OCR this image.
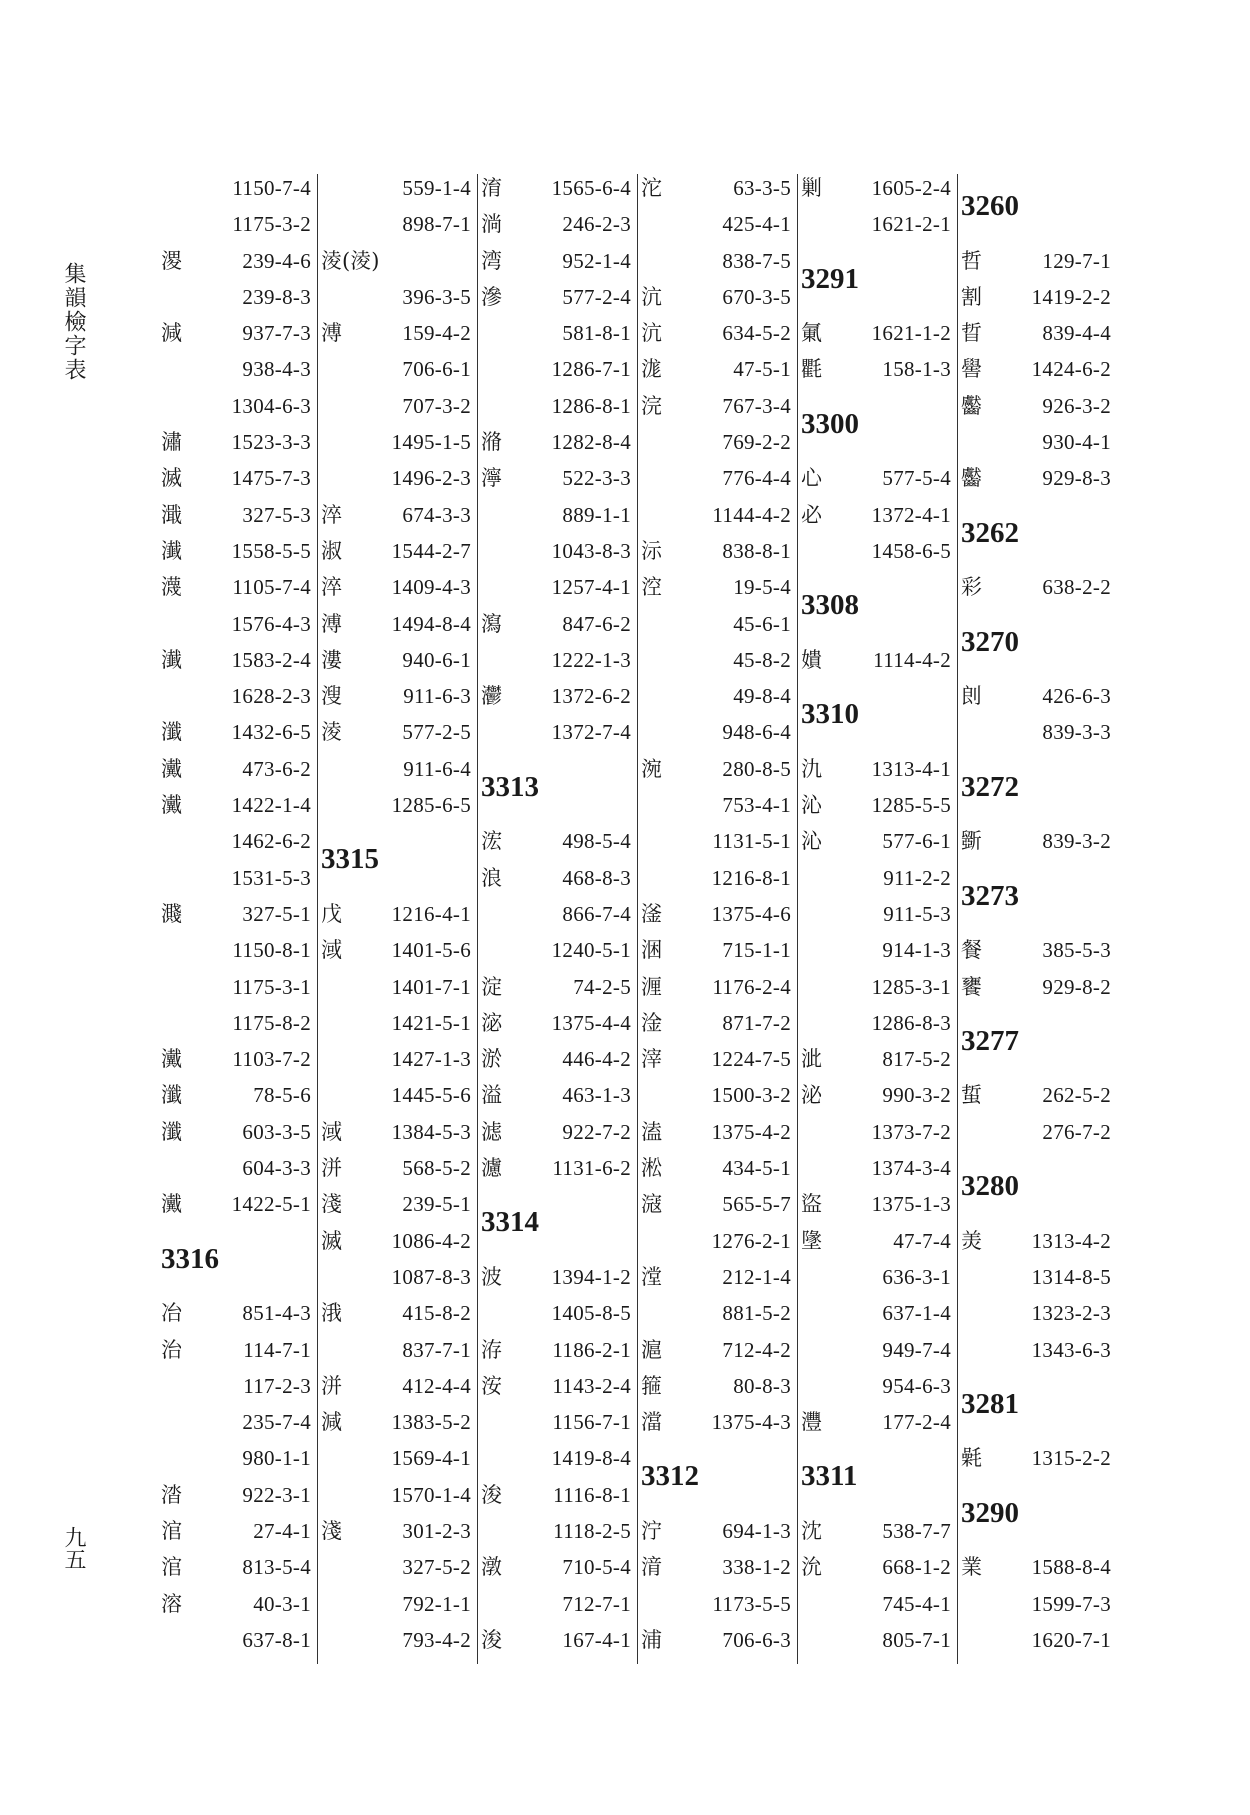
集韻檢字表
九五
1150-7-4
1175-3-2
溭	239-4-6
239-8-3
減	937-7-3
938-4-3
1304-6-3
潚 1523-3-3
滅 1475-7-3
濈	327-5-3
瀐 1558-5-5
瀎 1105-7-4
1576-4-3
瀐 1583-2-4
1628-2-3
瀸 1432-6-5
瀻	473-6-2
瀻 1422-1-4
1462-6-2
1531-5-3
濺	327-5-1
1150-8-1
1175-3-1
1175-8-2
瀻 1103-7-2
瀸	78-5-6
瀸	603-3-5
604-3-3
瀻 1422-5-1
3316
冶	851-4-3
治	114-7-1
117-2-3
235-7-4
980-1-1
涾	922-3-1
涫	27-4-1
涫	813-5-4
溶	40-3-1
637-8-1
559-1-4
898-7-1
淩(淩)
396-3-5
溥	159-4-2
706-6-1
707-3-2
1495-1-5
1496-2-3
淬	674-3-3
淑 1544-2-7
淬 1409-4-3
溥 1494-8-4
漊	940-6-1
溲	911-6-3
淩	577-2-5
911-6-4
1285-6-5
3315
戊 1216-4-1
淢 1401-5-6
1401-7-1
1421-5-1
1427-1-3
1445-5-6
淢 1384-5-3
洴	568-5-2
淺	239-5-1
滅 1086-4-2
1087-8-3
涐	415-8-2
837-7-1
洴	412-4-4
減 1383-5-2
1569-4-1
1570-1-4
淺	301-2-3
327-5-2
792-1-1
793-4-2
淯 1565-6-4
淌	246-2-3
湾	952-1-4
滲	577-2-4
581-8-1
1286-7-1
1286-8-1
潃 1282-8-4
濘	522-3-3
889-1-1
1043-8-3
1257-4-1
瀉	847-6-2
1222-1-3
灪 1372-6-2
1372-7-4
3313
浤	498-5-4
浪	468-8-3
866-7-4
1240-5-1
淀	74-2-5
淧 1375-4-4
淤	446-4-2
溢	463-1-3
滤	922-7-2
濾 1131-6-2
3314
波 1394-1-2
1405-8-5
洊 1186-2-1
洝 1143-2-4
1156-7-1
1419-8-4
浚 1116-8-1
1118-2-5
潡	710-5-4
712-7-1
浚	167-4-1
沱	63-3-5
425-4-1
838-7-5
沆	670-3-5
沆	634-5-2
浝	47-5-1
浣	767-3-4
769-2-2
776-4-4
1144-4-2
沶	838-8-1
涳	19-5-4
45-6-1
45-8-2
49-8-4
948-6-4
涴	280-8-5
753-4-1
1131-5-1
1216-8-1
滏 1375-4-6
涃	715-1-1
湹 1176-2-4
淦	871-7-2
滓 1224-7-5
1500-3-2
溘 1375-4-2
淞	434-5-1
滱	565-5-7
1276-2-1
漟	212-1-4
881-5-2
滬	712-4-2
箍	80-8-3
澢 1375-4-3
3312
泞	694-1-3
湇	338-1-2
1173-5-5
浦	706-6-3
剿 1605-2-4
1621-2-1
3291
氭 1621-1-2
氍	158-1-3
3300
心	577-5-4
必 1372-4-1
1458-6-5
3308
嬇 1114-4-2
3310
氿 1313-4-1
沁 1285-5-5
沁	577-6-1
911-2-2
911-5-3
914-1-3
1285-3-1
1286-8-3
泚	817-5-2
泌	990-3-2
1373-7-2
1374-3-4
盜 1375-1-3
墬	47-7-4
636-3-1
637-1-4
949-7-4
954-6-3
灃	177-2-4
3311
沈	538-7-7
沇	668-1-2
745-4-1
805-7-1
3260
哲	129-7-1
割 1419-2-2
晢	839-4-4
嚳 1424-6-2
齾	926-3-2
930-4-1
齾	929-8-3
3262
彩	638-2-2
3270
剆	426-6-3
839-3-3
3272
斵	839-3-2
3273
餐	385-5-3
饔	929-8-2
3277
蜇	262-5-2
276-7-2
3280
羙 1313-4-2
1314-8-5
1323-2-3
1343-6-3
3281
氉 1315-2-2
3290
業 1588-8-4
1599-7-3
1620-7-1
